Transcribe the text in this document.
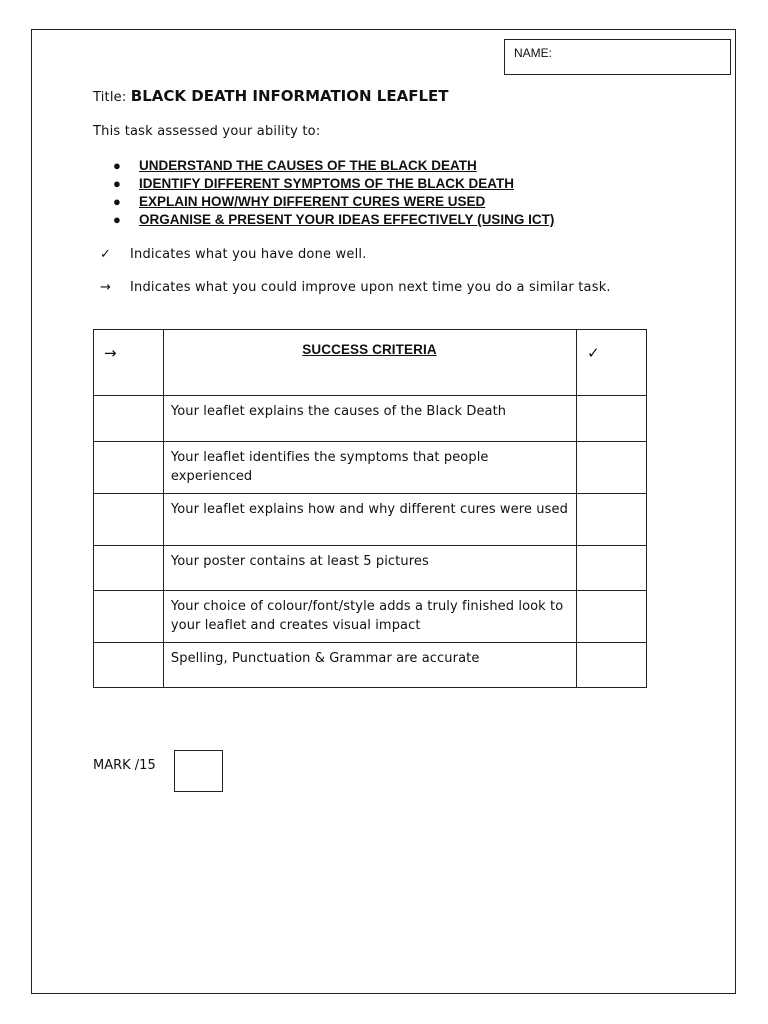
NAME:
Title: BLACK DEATH INFORMATION LEAFLET
This task assessed your ability to:
● UNDERSTAND THE CAUSES OF THE BLACK DEATH
● IDENTIFY DIFFERENT SYMPTOMS OF THE BLACK DEATH
● EXPLAIN HOW/WHY DIFFERENT CURES WERE USED
● ORGANISE & PRESENT YOUR IDEAS EFFECTIVELY (USING ICT)
✓ Indicates what you have done well.
→ Indicates what you could improve upon next time you do a similar task.
→	SUCCESS CRITERIA	✓
	Your leaflet explains the causes of the Black Death	
	Your leaflet identifies the symptoms that people experienced	
	Your leaflet explains how and why different cures were used	
	Your poster contains at least 5 pictures	
	Your choice of colour/font/style adds a truly finished look to your leaflet and creates visual impact	
	Spelling, Punctuation & Grammar are accurate	
MARK /15
